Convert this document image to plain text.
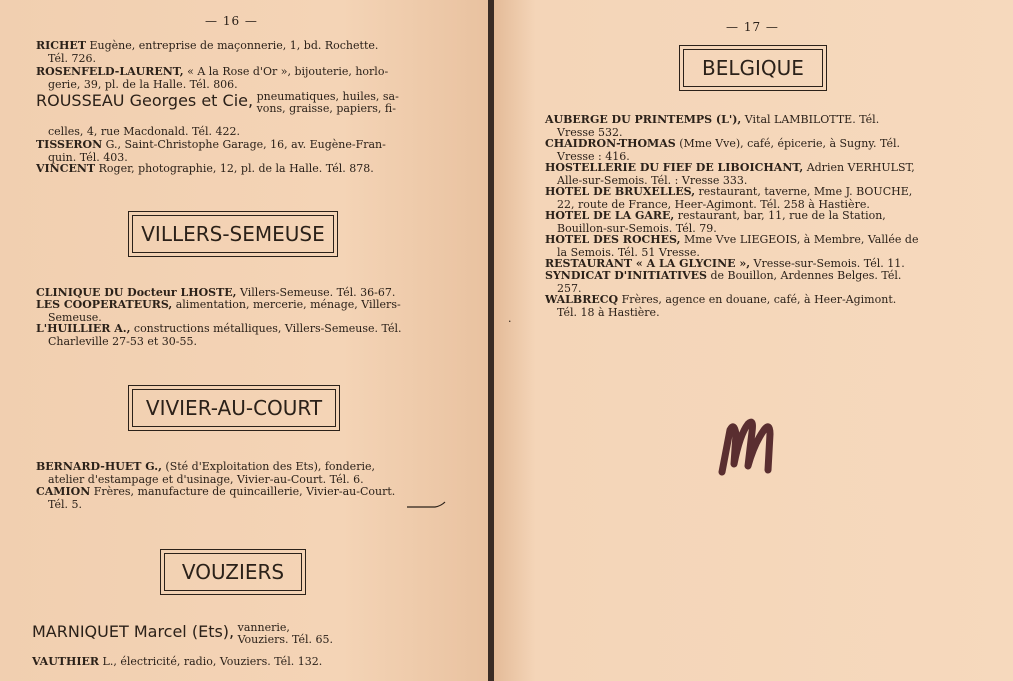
— 16 —
RICHET Eugène, entreprise de maçonnerie, 1, bd. Rochette.
Tél. 726.
ROSENFELD-LAURENT, « A la Rose d'Or », bijouterie, horlo-
gerie, 39, pl. de la Halle. Tél. 806.
ROUSSEAU Georges et Cie, pneumatiques, huiles, sa-
vons, graisse, papiers, fi-
celles, 4, rue Macdonald. Tél. 422.
TISSERON G., Saint-Christophe Garage, 16, av. Eugène-Fran-
quin. Tél. 403.
VINCENT Roger, photographie, 12, pl. de la Halle. Tél. 878.
VILLERS-SEMEUSE
CLINIQUE DU Docteur LHOSTE, Villers-Semeuse. Tél. 36-67.
LES COOPERATEURS, alimentation, mercerie, ménage, Villers-
Semeuse.
L'HUILLIER A., constructions métalliques, Villers-Semeuse. Tél.
Charleville 27-53 et 30-55.
VIVIER-AU-COURT
BERNARD-HUET G., (Sté d'Exploitation des Ets), fonderie,
atelier d'estampage et d'usinage, Vivier-au-Court. Tél. 6.
CAMION Frères, manufacture de quincaillerie, Vivier-au-Court.
Tél. 5.
VOUZIERS
MARNIQUET Marcel (Ets), vannerie,
Vouziers. Tél. 65.
VAUTHIER L., électricité, radio, Vouziers. Tél. 132.
— 17 —
BELGIQUE
AUBERGE DU PRINTEMPS (L'), Vital LAMBILOTTE. Tél.
Vresse 532.
CHAIDRON-THOMAS (Mme Vve), café, épicerie, à Sugny. Tél.
Vresse : 416.
HOSTELLERIE DU FIEF DE LIBOICHANT, Adrien VERHULST,
Alle-sur-Semois. Tél. : Vresse 333.
HOTEL DE BRUXELLES, restaurant, taverne, Mme J. BOUCHE,
22, route de France, Heer-Agimont. Tél. 258 à Hastière.
HOTEL DE LA GARE, restaurant, bar, 11, rue de la Station,
Bouillon-sur-Semois. Tél. 79.
HOTEL DES ROCHES, Mme Vve LIEGEOIS, à Membre, Vallée de
la Semois. Tél. 51 Vresse.
RESTAURANT « A LA GLYCINE », Vresse-sur-Semois. Tél. 11.
SYNDICAT D'INITIATIVES de Bouillon, Ardennes Belges. Tél.
257.
WALBRECQ Frères, agence en douane, café, à Heer-Agimont.
Tél. 18 à Hastière.
·
